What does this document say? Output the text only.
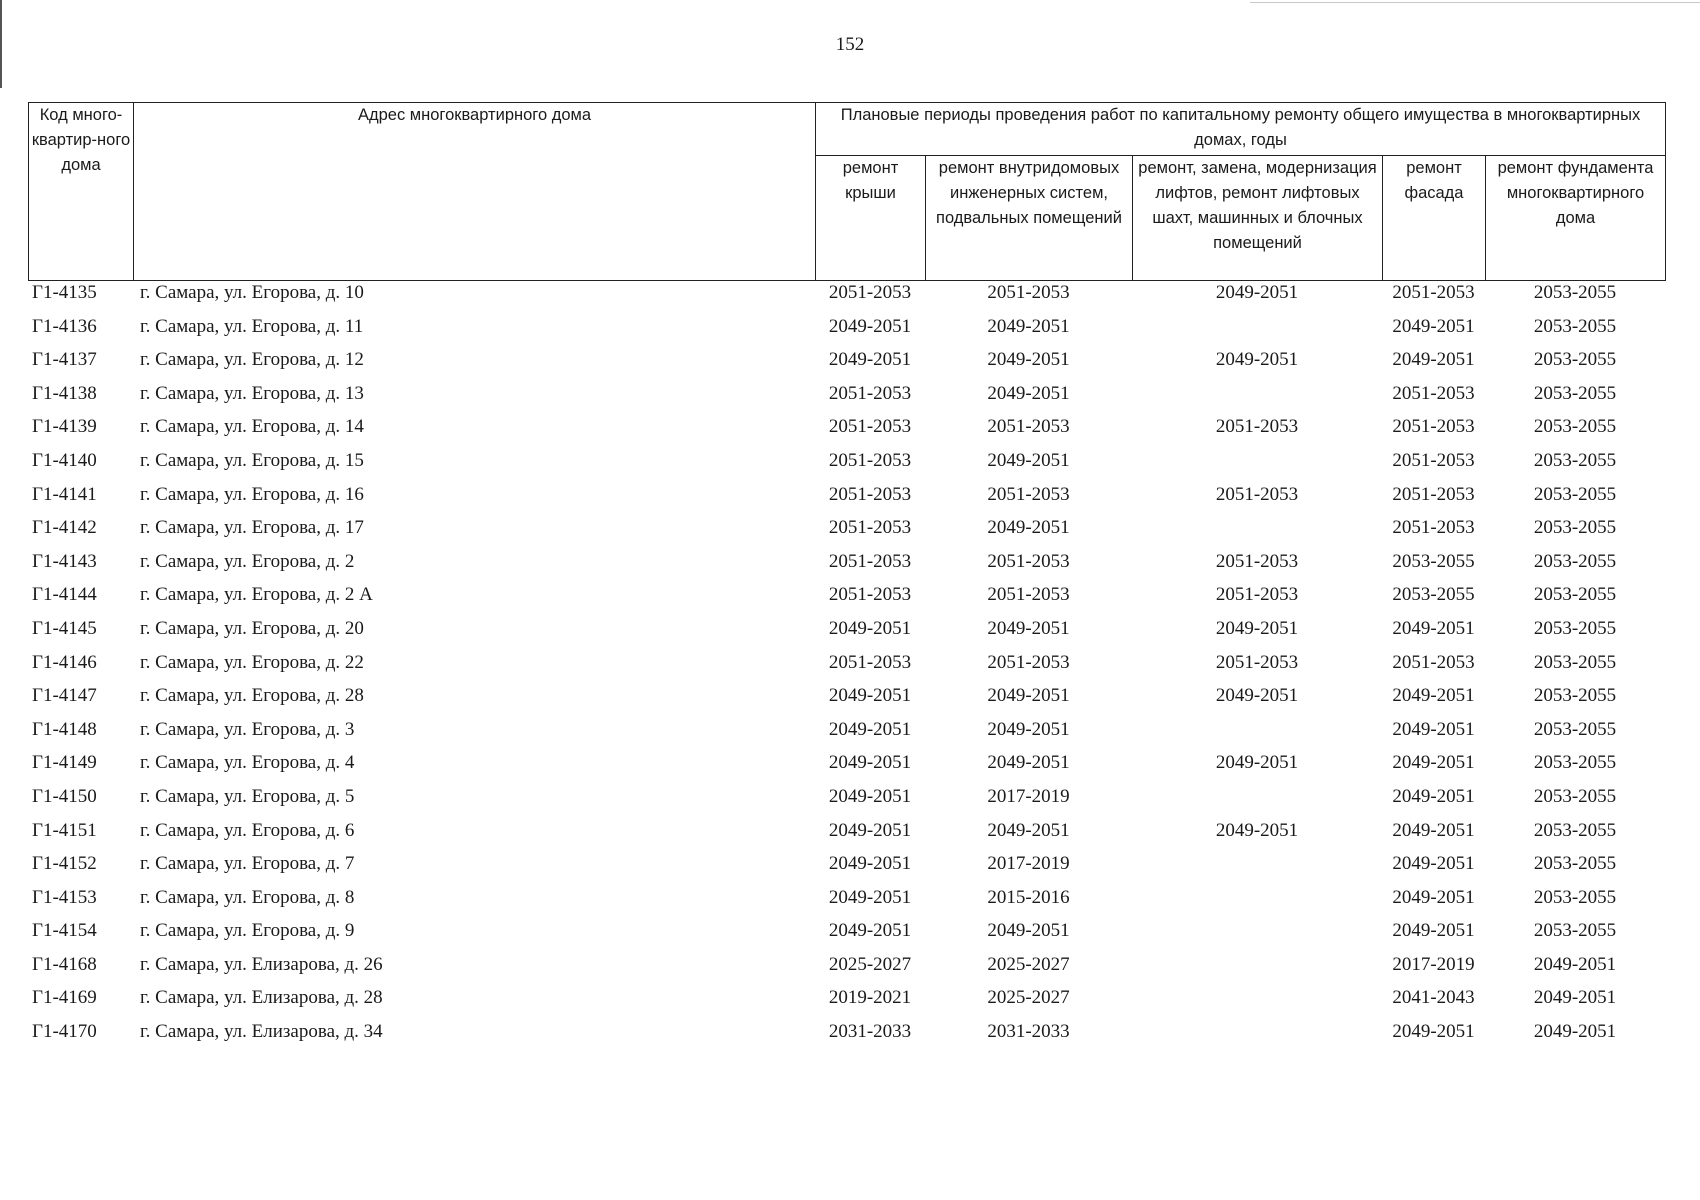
152
Код много-квартир-ного дома	Адрес многоквартирного дома	Плановые периоды проведения работ по капитальному ремонту общего имущества в многоквартирных домах, годы				
		ремонт крыши	ремонт внутридомовых инженерных систем, подвальных помещений	ремонт, замена, модернизация лифтов, ремонт лифтовых шахт, машинных и блочных помещений	ремонт фасада	ремонт фундамента многоквартирного дома
Г1-4135	г. Самара, ул. Егорова, д. 10	2051-2053	2051-2053	2049-2051	2051-2053	2053-2055
Г1-4136	г. Самара, ул. Егорова, д. 11	2049-2051	2049-2051		2049-2051	2053-2055
Г1-4137	г. Самара, ул. Егорова, д. 12	2049-2051	2049-2051	2049-2051	2049-2051	2053-2055
Г1-4138	г. Самара, ул. Егорова, д. 13	2051-2053	2049-2051		2051-2053	2053-2055
Г1-4139	г. Самара, ул. Егорова, д. 14	2051-2053	2051-2053	2051-2053	2051-2053	2053-2055
Г1-4140	г. Самара, ул. Егорова, д. 15	2051-2053	2049-2051		2051-2053	2053-2055
Г1-4141	г. Самара, ул. Егорова, д. 16	2051-2053	2051-2053	2051-2053	2051-2053	2053-2055
Г1-4142	г. Самара, ул. Егорова, д. 17	2051-2053	2049-2051		2051-2053	2053-2055
Г1-4143	г. Самара, ул. Егорова, д. 2	2051-2053	2051-2053	2051-2053	2053-2055	2053-2055
Г1-4144	г. Самара, ул. Егорова, д. 2 А	2051-2053	2051-2053	2051-2053	2053-2055	2053-2055
Г1-4145	г. Самара, ул. Егорова, д. 20	2049-2051	2049-2051	2049-2051	2049-2051	2053-2055
Г1-4146	г. Самара, ул. Егорова, д. 22	2051-2053	2051-2053	2051-2053	2051-2053	2053-2055
Г1-4147	г. Самара, ул. Егорова, д. 28	2049-2051	2049-2051	2049-2051	2049-2051	2053-2055
Г1-4148	г. Самара, ул. Егорова, д. 3	2049-2051	2049-2051		2049-2051	2053-2055
Г1-4149	г. Самара, ул. Егорова, д. 4	2049-2051	2049-2051	2049-2051	2049-2051	2053-2055
Г1-4150	г. Самара, ул. Егорова, д. 5	2049-2051	2017-2019		2049-2051	2053-2055
Г1-4151	г. Самара, ул. Егорова, д. 6	2049-2051	2049-2051	2049-2051	2049-2051	2053-2055
Г1-4152	г. Самара, ул. Егорова, д. 7	2049-2051	2017-2019		2049-2051	2053-2055
Г1-4153	г. Самара, ул. Егорова, д. 8	2049-2051	2015-2016		2049-2051	2053-2055
Г1-4154	г. Самара, ул. Егорова, д. 9	2049-2051	2049-2051		2049-2051	2053-2055
Г1-4168	г. Самара, ул. Елизарова, д. 26	2025-2027	2025-2027		2017-2019	2049-2051
Г1-4169	г. Самара, ул. Елизарова, д. 28	2019-2021	2025-2027		2041-2043	2049-2051
Г1-4170	г. Самара, ул. Елизарова, д. 34	2031-2033	2031-2033		2049-2051	2049-2051
